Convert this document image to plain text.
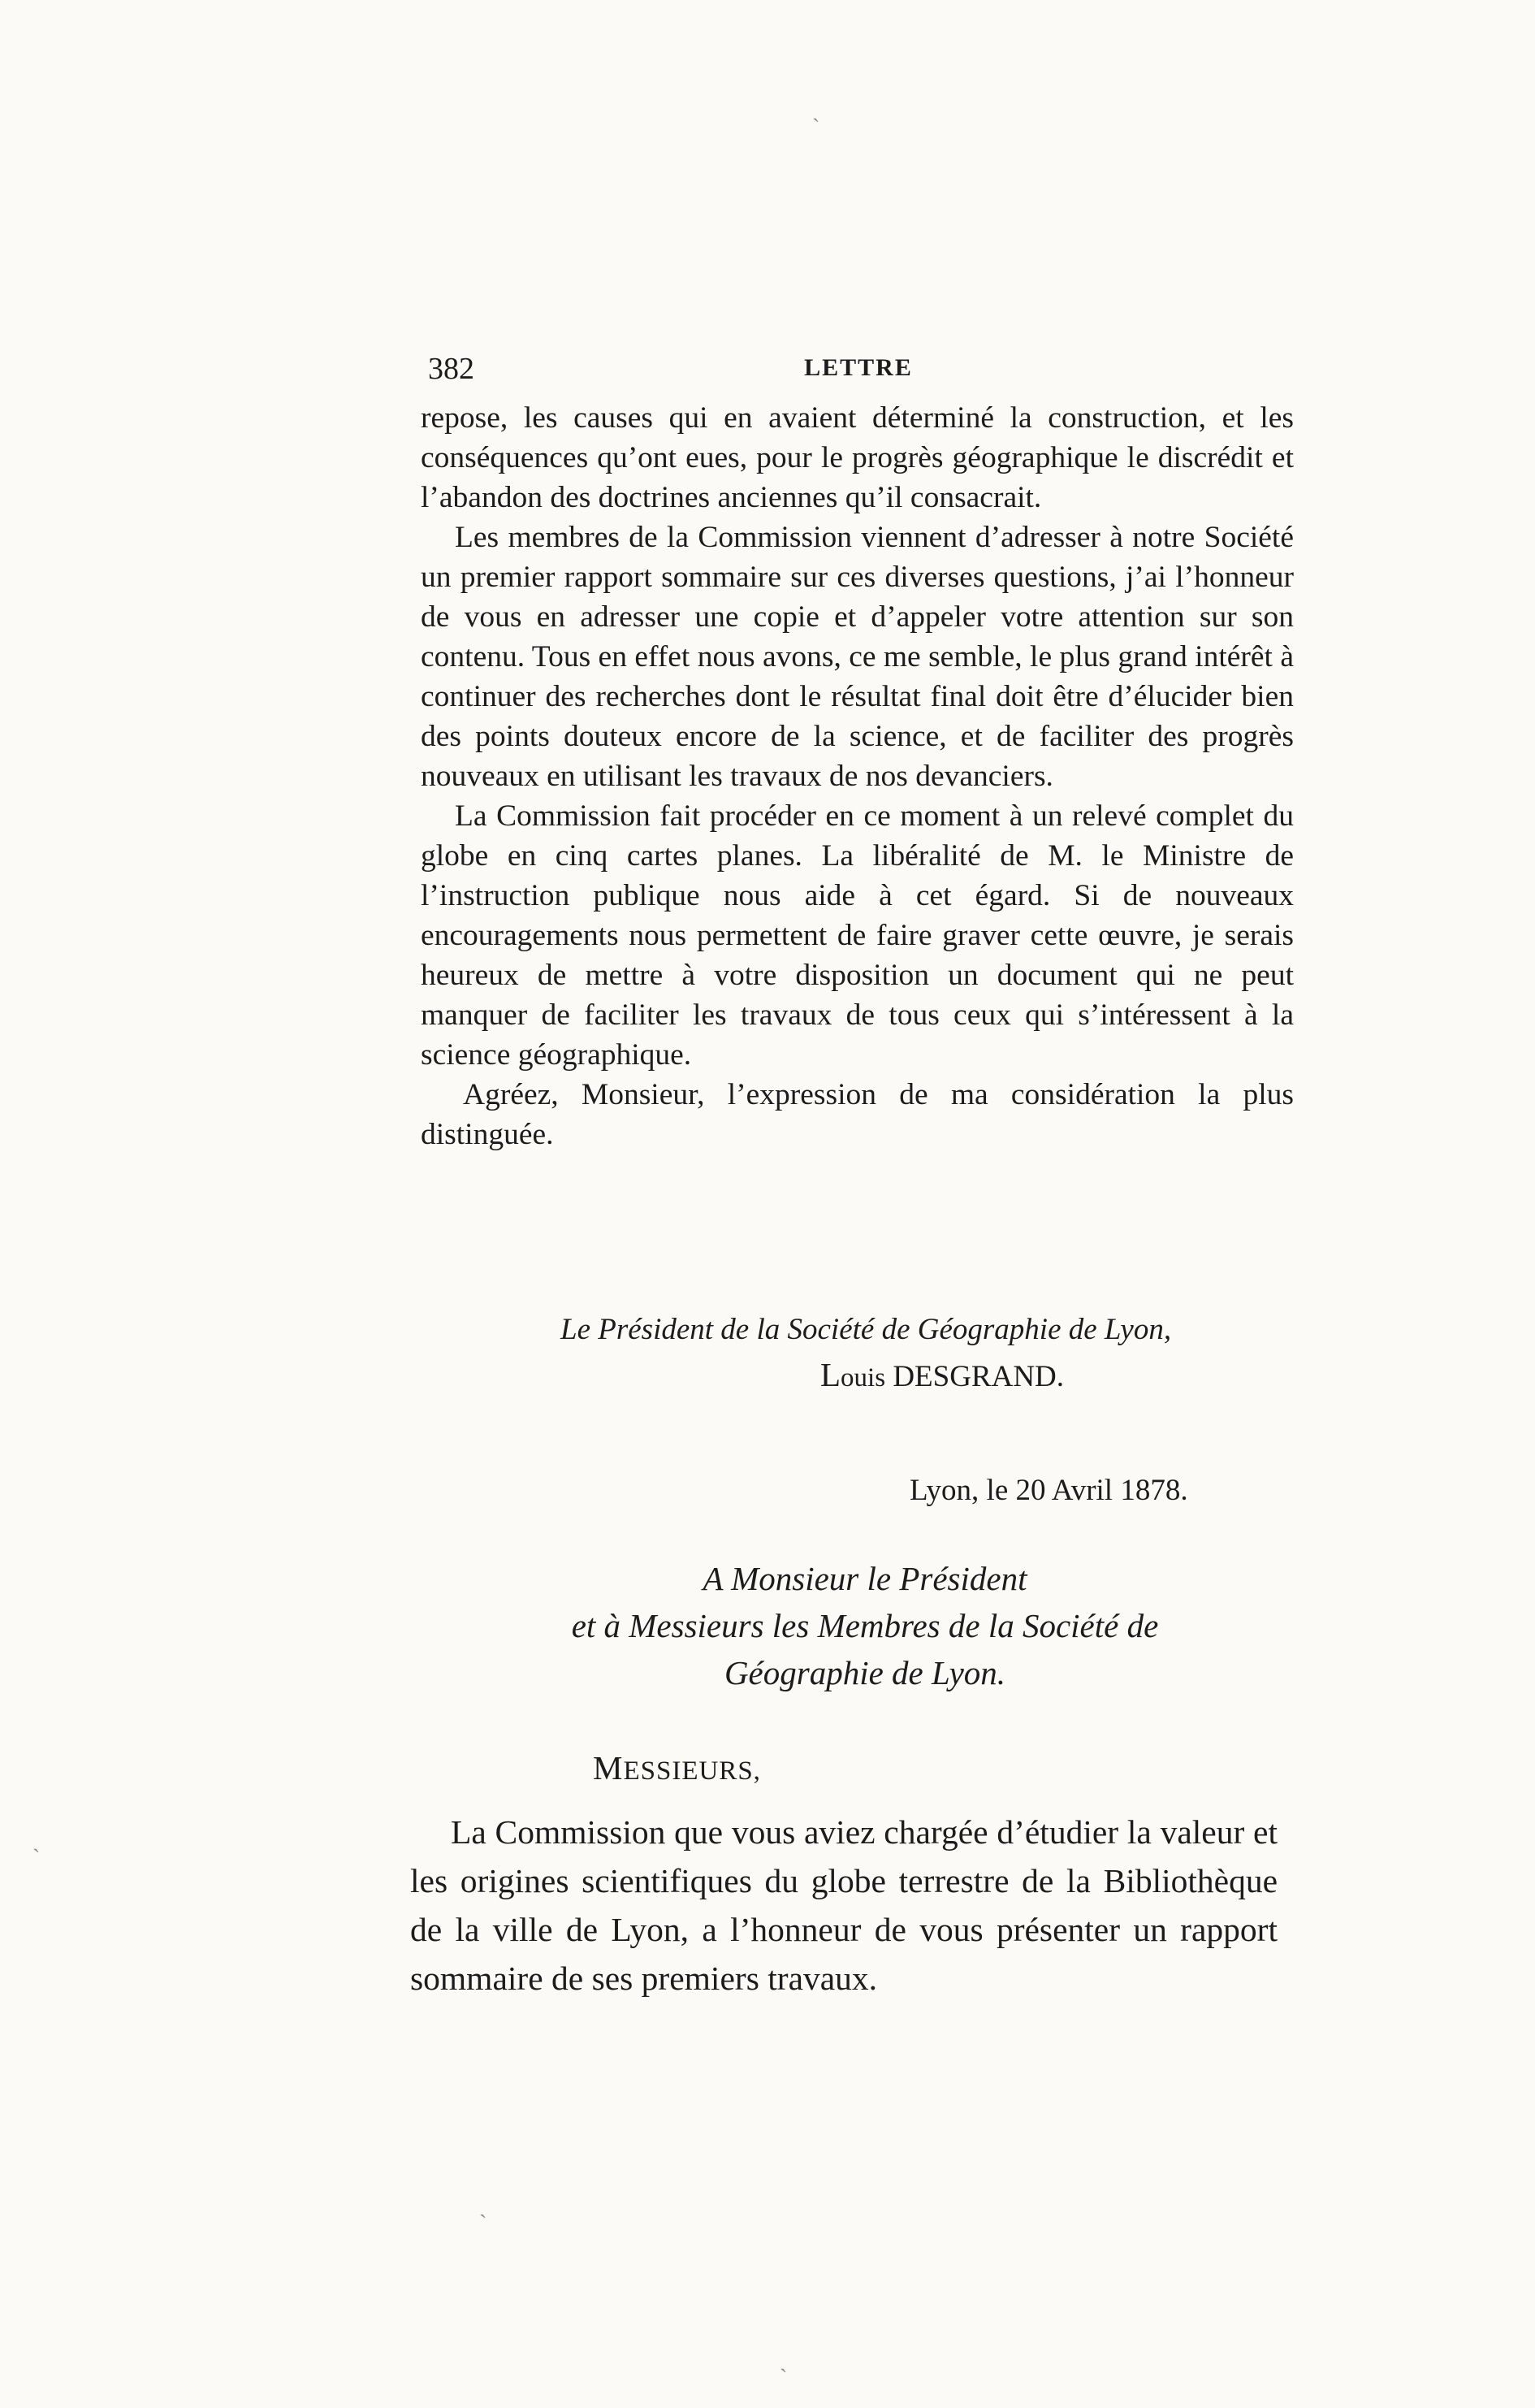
382	LETTRE

repose, les causes qui en avaient déterminé la construction, et les conséquences qu’ont eues, pour le progrès géographique le discrédit et l’abandon des doctrines anciennes qu’il consacrait.

Les membres de la Commission viennent d’adresser à notre Société un premier rapport sommaire sur ces diverses questions, j’ai l’honneur de vous en adresser une copie et d’appeler votre attention sur son contenu. Tous en effet nous avons, ce me semble, le plus grand intérêt à continuer des recherches dont le résultat final doit être d’élucider bien des points douteux encore de la science, et de faciliter des progrès nouveaux en utilisant les travaux de nos devanciers.

La Commission fait procéder en ce moment à un relevé complet du globe en cinq cartes planes. La libéralité de M. le Ministre de l’instruction publique nous aide à cet égard. Si de nouveaux encouragements nous permettent de faire graver cette œuvre, je serais heureux de mettre à votre disposition un document qui ne peut manquer de faciliter les travaux de tous ceux qui s’intéressent à la science géographique.

Agréez, Monsieur, l’expression de ma considération la plus distinguée.

Le Président de la Société de Géographie de Lyon,
Louis DESGRAND.
Lyon, le 20 Avril 1878.
A Monsieur le Président
et à Messieurs les Membres de la Société de
Géographie de Lyon.
MESSIEURS,

La Commission que vous aviez chargée d’étudier la valeur et les origines scientifiques du globe terrestre de la Bibliothèque de la ville de Lyon, a l’honneur de vous présenter un rapport sommaire de ses premiers travaux.

ˏ
ˎ
ˏ
ˎ
